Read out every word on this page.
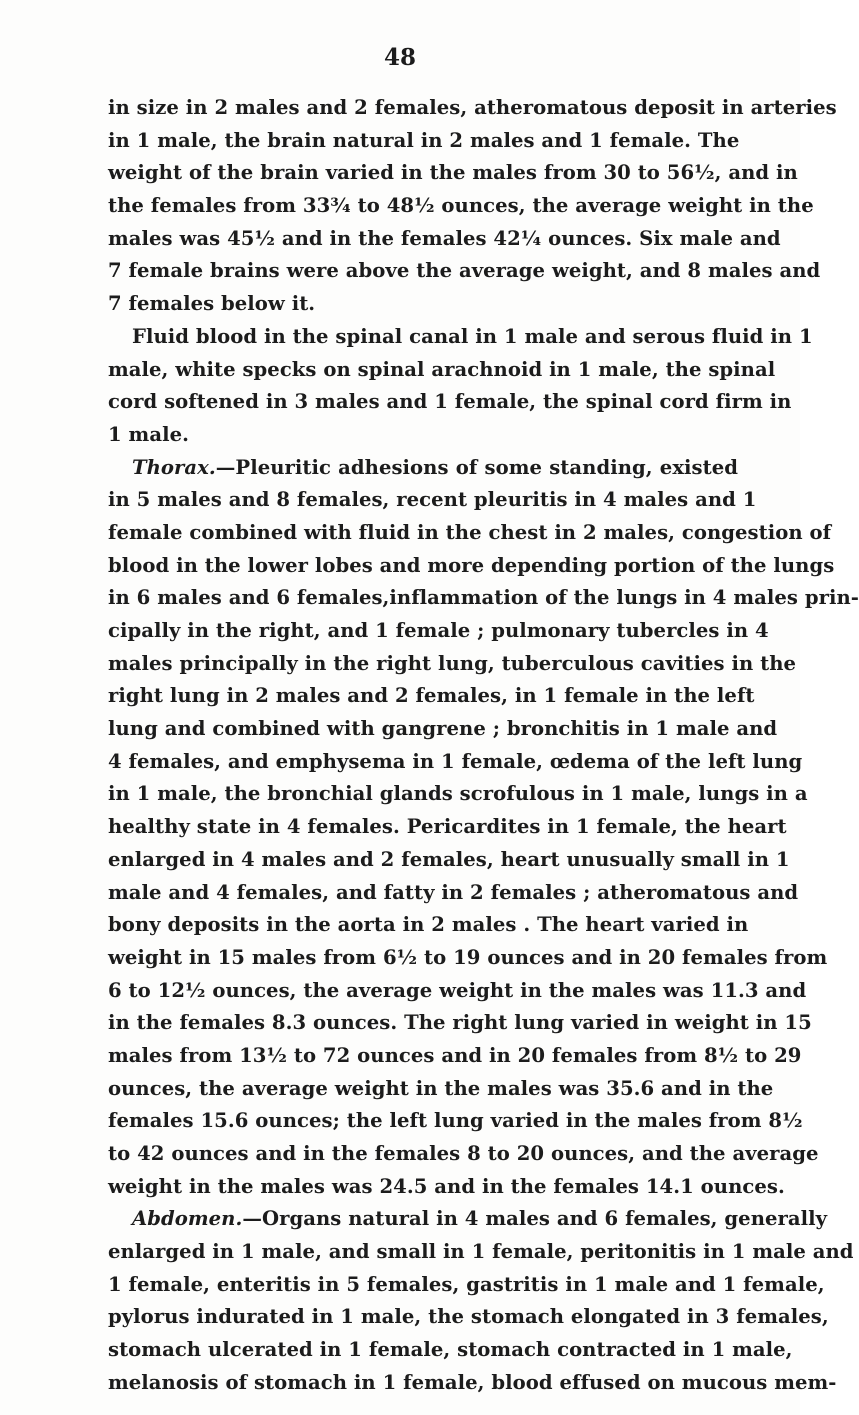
48
in size in 2 males and 2 females, atheromatous deposit in arteries
in 1 male, the brain natural in 2 males and 1 female. The
weight of the brain varied in the males from 30 to 56½, and in
the females from 33¾ to 48½ ounces, the average weight in the
males was 45½ and in the females 42¼ ounces. Six male and
7 female brains were above the average weight, and 8 males and
7 females below it.
Fluid blood in the spinal canal in 1 male and serous fluid in 1
male, white specks on spinal arachnoid in 1 male, the spinal
cord softened in 3 males and 1 female, the spinal cord firm in
1 male.
Thorax.—Pleuritic adhesions of some standing, existed
in 5 males and 8 females, recent pleuritis in 4 males and 1
female combined with fluid in the chest in 2 males, congestion of
blood in the lower lobes and more depending portion of the lungs
in 6 males and 6 females,inflammation of the lungs in 4 males prin-
cipally in the right, and 1 female ; pulmonary tubercles in 4
males principally in the right lung, tuberculous cavities in the
right lung in 2 males and 2 females, in 1 female in the left
lung and combined with gangrene ; bronchitis in 1 male and
4 females, and emphysema in 1 female, œdema of the left lung
in 1 male, the bronchial glands scrofulous in 1 male, lungs in a
healthy state in 4 females. Pericardites in 1 female, the heart
enlarged in 4 males and 2 females, heart unusually small in 1
male and 4 females, and fatty in 2 females ; atheromatous and
bony deposits in the aorta in 2 males . The heart varied in
weight in 15 males from 6½ to 19 ounces and in 20 females from
6 to 12½ ounces, the average weight in the males was 11.3 and
in the females 8.3 ounces. The right lung varied in weight in 15
males from 13½ to 72 ounces and in 20 females from 8½ to 29
ounces, the average weight in the males was 35.6 and in the
females 15.6 ounces; the left lung varied in the males from 8½
to 42 ounces and in the females 8 to 20 ounces, and the average
weight in the males was 24.5 and in the females 14.1 ounces.
Abdomen.—Organs natural in 4 males and 6 females, generally
enlarged in 1 male, and small in 1 female, peritonitis in 1 male and
1 female, enteritis in 5 females, gastritis in 1 male and 1 female,
pylorus indurated in 1 male, the stomach elongated in 3 females,
stomach ulcerated in 1 female, stomach contracted in 1 male,
melanosis of stomach in 1 female, blood effused on mucous mem-
